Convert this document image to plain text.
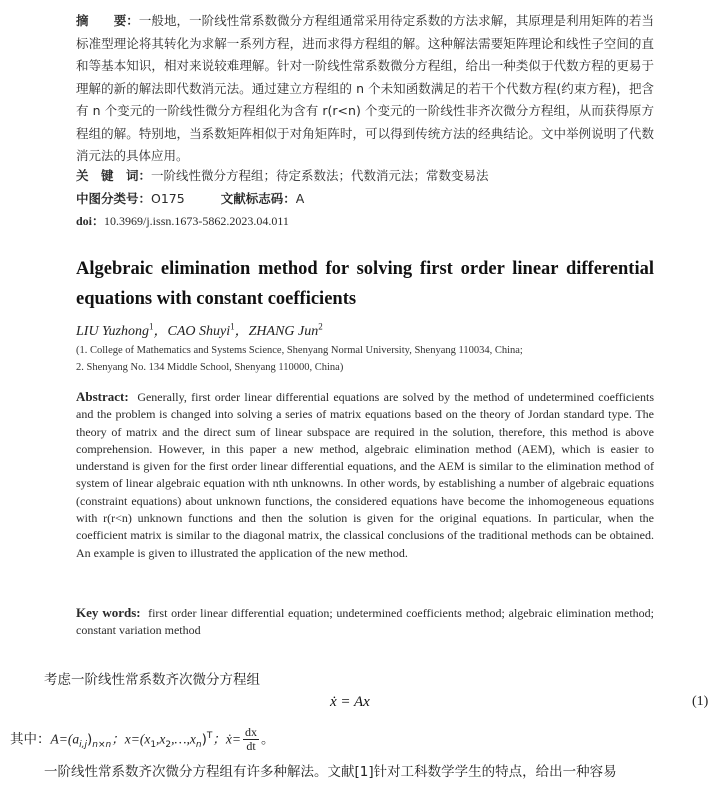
摘　　要：一般地，一阶线性常系数微分方程组通常采用待定系数的方法求解，其原理是利用矩阵的若当标准型理论将其转化为求解一系列方程，进而求得方程组的解。这种解法需要矩阵理论和线性子空间的直和等基本知识，相对来说较难理解。针对一阶线性常系数微分方程组，给出一种类似于代数方程的更易于理解的新的解法即代数消元法。通过建立方程组的 n 个未知函数满足的若干个代数方程(约束方程)，把含有 n 个变元的一阶线性微分方程组化为含有 r(r<n) 个变元的一阶线性非齐次微分方程组，从而获得原方程组的解。特别地，当系数矩阵相似于对角矩阵时，可以得到传统方法的经典结论。文中举例说明了代数消元法的具体应用。
关　键　词：一阶线性微分方程组；待定系数法；代数消元法；常数变易法
中图分类号：O175	文献标志码：A
doi：10.3969/j.issn.1673-5862.2023.04.011
Algebraic elimination method for solving first order linear differential equations with constant coefficients
LIU Yuzhong$^1$，CAO Shuyi$^1$，ZHANG Jun$^2$
(1. College of Mathematics and Systems Science, Shenyang Normal University, Shenyang 110034, China;
2. Shenyang No. 134 Middle School, Shenyang 110000, China)
Abstract: Generally, first order linear differential equations are solved by the method of undetermined coefficients and the problem is changed into solving a series of matrix equations based on the theory of Jordan standard type. The theory of matrix and the direct sum of linear subspace are required in the solution, therefore, this method is above comprehension. However, in this paper a new method, algebraic elimination method (AEM), which is easier to understand is given for the first order linear differential equations, and the AEM is similar to the elimination method of system of linear algebraic equation with nth unknowns. In other words, by establishing a number of algebraic equations (constraint equations) about unknown functions, the considered equations have become the inhomogeneous equations with r(r<n) unknown functions and then the solution is given for the original equations. In particular, when the coefficient matrix is similar to the diagonal matrix, the classical conclusions of the traditional methods can be obtained. An example is given to illustrated the application of the new method.
Key words: first order linear differential equation; undetermined coefficients method; algebraic elimination method; constant variation method
考虑一阶线性常系数齐次微分方程组
ẋ = Ax	(1)
其中：$A=(a_{i,j})_{n\times n}$；$x=(x_1,x_2,\dots,x_n)^T$；ẋ= $\frac{dx}{dt}$ 。
一阶线性常系数齐次微分方程组有许多种解法。文献[1]针对工科数学学生的特点，给出一种容易
